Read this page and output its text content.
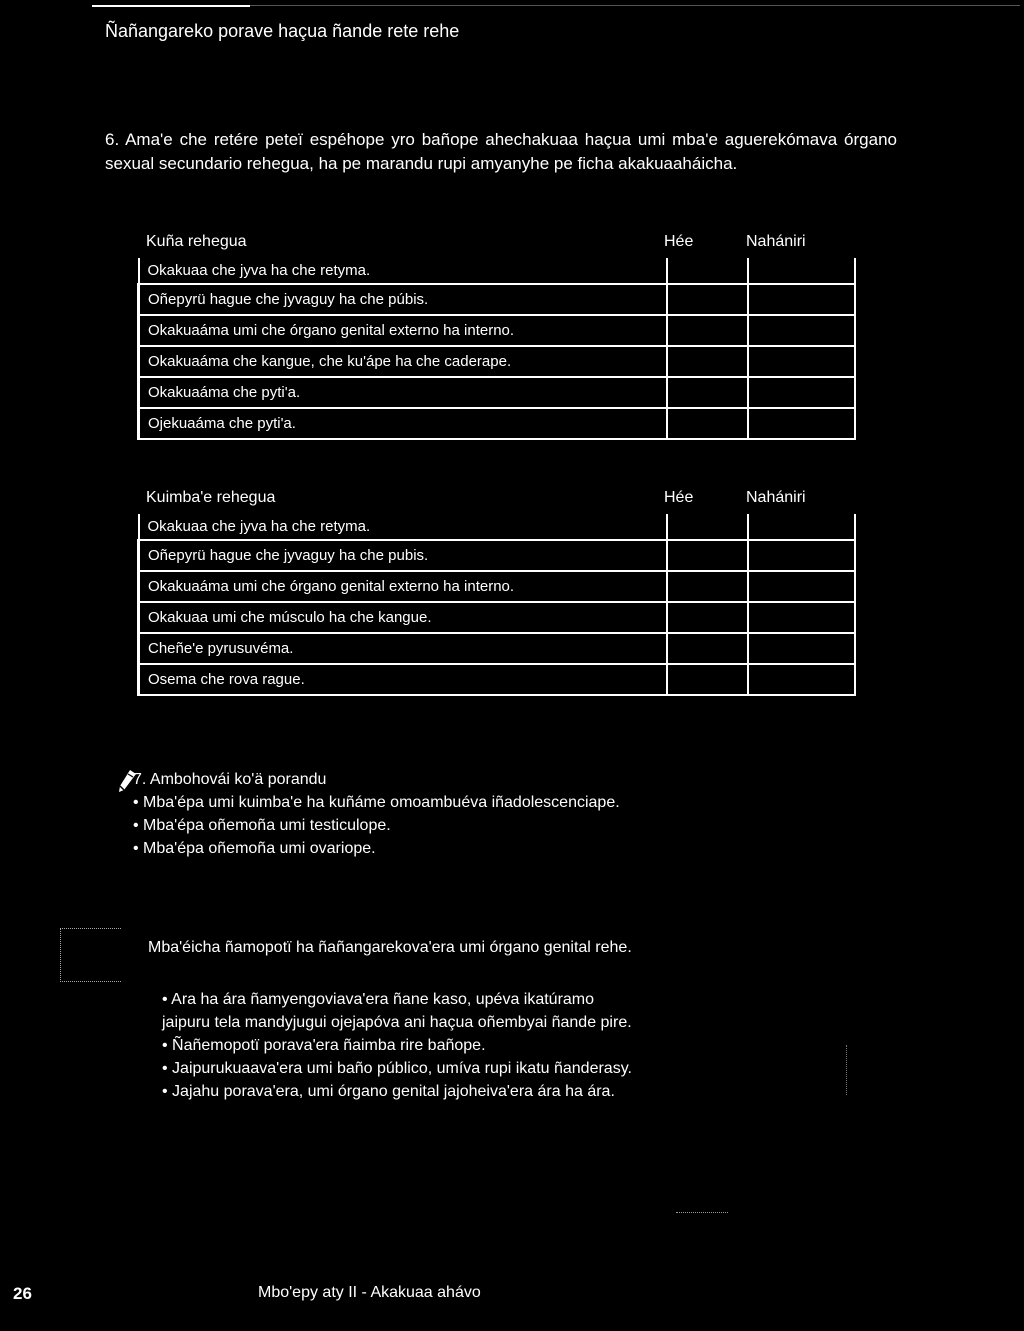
Ñañangareko porave haçua ñande rete rehe
6. Ama'e che retére peteï espéhope yro bañope ahechakuaa haçua umi mba'e aguerekómava órgano sexual secundario rehegua, ha pe marandu rupi amyanyhe pe ficha akakuaaháicha.
Kuña rehegua	Hée	Nahániri
Okakuaa che jyva ha che retyma.		
Oñepyrü hague che jyvaguy ha che púbis.		
Okakuaáma umi che órgano genital externo ha interno.		
Okakuaáma che kangue, che ku'ápe ha che caderape.		
Okakuaáma che pyti'a.		
Ojekuaáma che pyti'a.		
Kuimba'e rehegua	Hée	Nahániri
Okakuaa che jyva ha che retyma.		
Oñepyrü hague che jyvaguy ha che pubis.		
Okakuaáma umi che órgano genital externo ha interno.		
Okakuaa umi che músculo ha che kangue.		
Cheñe'e pyrusuvéma.		
Osema che rova rague.		
7. Ambohovái ko'ä porandu
• Mba'épa umi kuimba'e ha kuñáme omoambuéva iñadolescenciape.
• Mba'épa oñemoña umi testiculope.
• Mba'épa oñemoña umi ovariope.
Mba'éicha ñamopotï ha ñañangarekova'era umi órgano genital rehe.

• Ara ha ára ñamyengoviava'era ñane kaso, upéva ikatúramo jaipuru tela mandyjugui ojejapóva ani haçua oñembyai ñande pire.

• Ñañemopotï porava'era ñaimba rire bañope.

• Jaipurukuaava'era umi baño público, umíva rupi ikatu ñanderasy.

• Jajahu porava'era, umi órgano genital jajoheiva'era ára ha ára.

26	Mbo'epy aty II - Akakuaa ahávo
